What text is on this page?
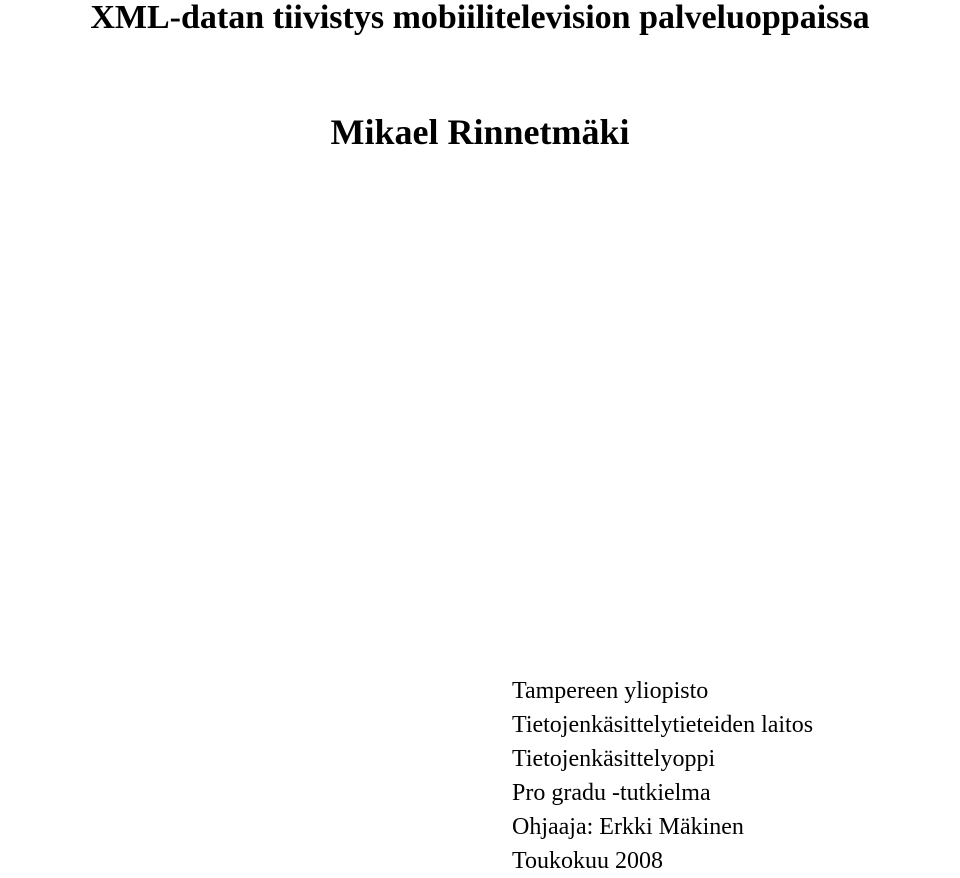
XML-datan tiivistys mobiilitelevision palveluoppaissa
Mikael Rinnetmäki
Tampereen yliopisto
Tietojenkäsittelytieteiden laitos
Tietojenkäsittelyoppi
Pro gradu -tutkielma
Ohjaaja: Erkki Mäkinen
Toukokuu 2008
